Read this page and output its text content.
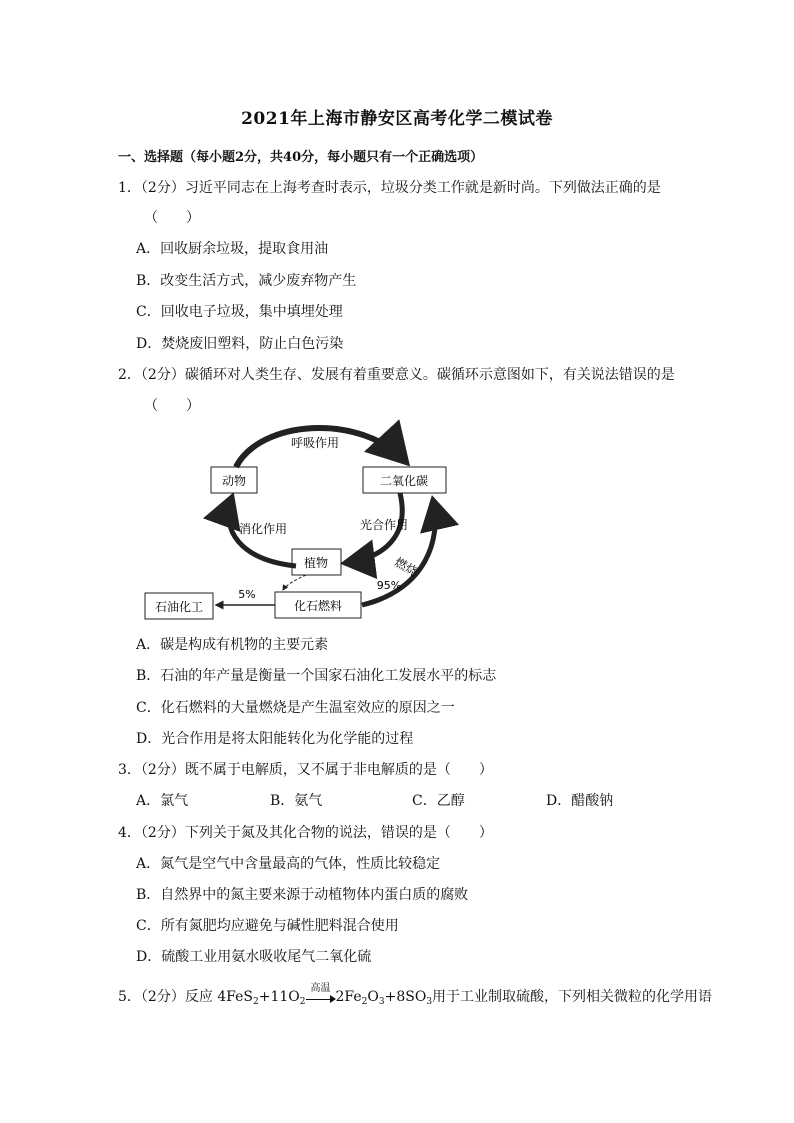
2021年上海市静安区高考化学二模试卷
一、选择题（每小题2分，共40分，每小题只有一个正确选项）
1．（2分）习近平同志在上海考查时表示，垃圾分类工作就是新时尚。下列做法正确的是
（　　）
A．回收厨余垃圾，提取食用油
B．改变生活方式，减少废弃物产生
C．回收电子垃圾，集中填埋处理
D．焚烧废旧塑料，防止白色污染
2．（2分）碳循环对人类生存、发展有着重要意义。碳循环示意图如下，有关说法错误的是
（　　）
动物	二氧化碳
植物
化石燃料
石油化工
呼吸作用
消化作用	光合作用
燃烧
95%
5%
A．碳是构成有机物的主要元素
B．石油的年产量是衡量一个国家石油化工发展水平的标志
C．化石燃料的大量燃烧是产生温室效应的原因之一
D．光合作用是将太阳能转化为化学能的过程
3．（2分）既不属于电解质，又不属于非电解质的是（　　）
A．氯气	B．氨气	C．乙醇	D．醋酸钠
4．（2分）下列关于氮及其化合物的说法，错误的是（　　）
A．氮气是空气中含量最高的气体，性质比较稳定
B．自然界中的氮主要来源于动植物体内蛋白质的腐败
C．所有氮肥均应避免与碱性肥料混合使用
D．硫酸工业用氨水吸收尾气二氧化硫
5．（2分）反应 $4FeS_2+11O_2$
高温
$2Fe_2O_3+8SO_3$用于工业制取硫酸，下列相关微粒的化学用语
